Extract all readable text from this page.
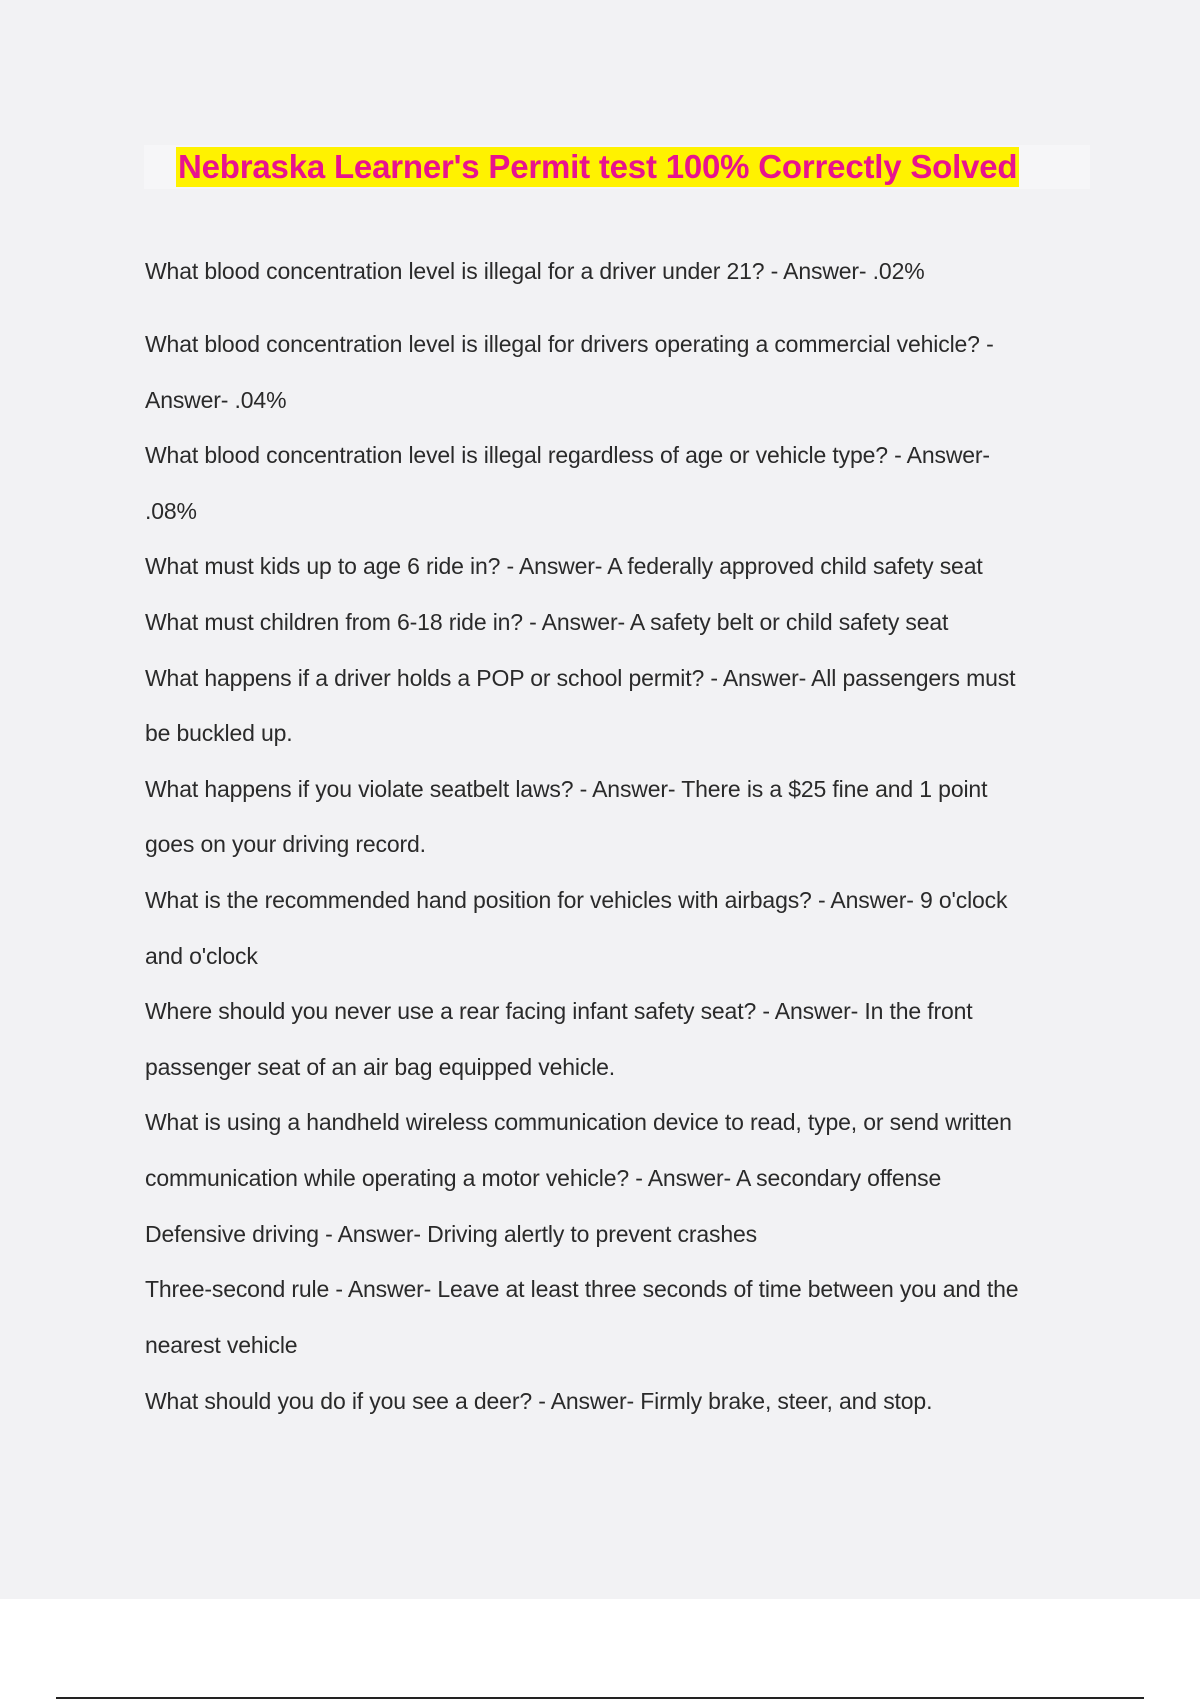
Nebraska Learner's Permit test 100% Correctly Solved
What blood concentration level is illegal for a driver under 21? - Answer- .02%
What blood concentration level is illegal for drivers operating a commercial vehicle? -
Answer- .04%
What blood concentration level is illegal regardless of age or vehicle type? - Answer-
.08%
What must kids up to age 6 ride in? - Answer- A federally approved child safety seat
What must children from 6-18 ride in? - Answer- A safety belt or child safety seat
What happens if a driver holds a POP or school permit? - Answer- All passengers must
be buckled up.
What happens if you violate seatbelt laws? - Answer- There is a $25 fine and 1 point
goes on your driving record.
What is the recommended hand position for vehicles with airbags? - Answer- 9 o'clock
and o'clock
Where should you never use a rear facing infant safety seat? - Answer- In the front
passenger seat of an air bag equipped vehicle.
What is using a handheld wireless communication device to read, type, or send written
communication while operating a motor vehicle? - Answer- A secondary offense
Defensive driving - Answer- Driving alertly to prevent crashes
Three-second rule - Answer- Leave at least three seconds of time between you and the
nearest vehicle
What should you do if you see a deer? - Answer- Firmly brake, steer, and stop.
